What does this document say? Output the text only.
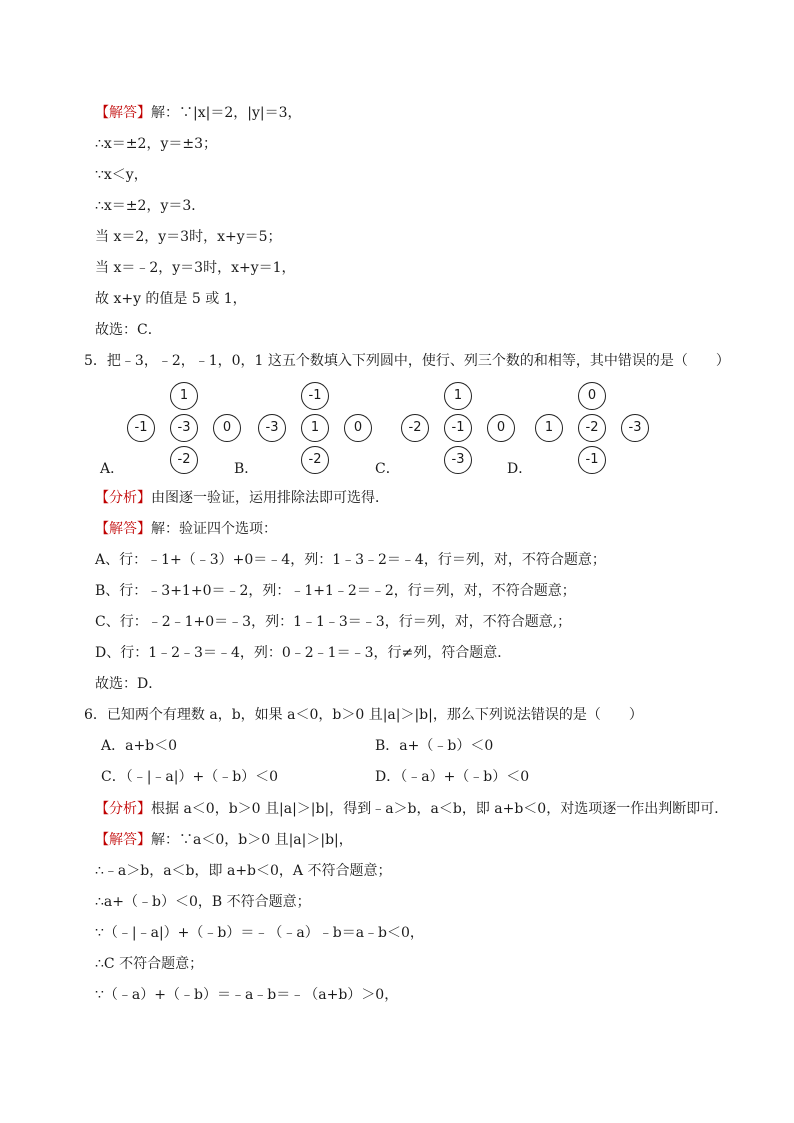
【解答】解：∵|x|＝2，|y|＝3，
∴x＝±2，y＝±3；
∵x＜y，
∴x＝±2，y＝3．
当 x＝2，y＝3时，x+y＝5；
当 x＝﹣2，y＝3时，x+y＝1，
故 x+y 的值是 5 或 1，
故选：C．
5．把﹣3，﹣2，﹣1，0，1 这五个数填入下列圆中，使行、列三个数的和相等，其中错误的是（　　）
A．
1
-1	0
-2
-3
B．
-1
-3	0
-2
1
C．
1
-2	0
-3
-1
D．
0
1	-3
-1
-2
【分析】由图逐一验证，运用排除法即可选得．
【解答】解：验证四个选项：
A、行：﹣1+（﹣3）+0＝﹣4，列：1﹣3﹣2＝﹣4，行＝列，对，不符合题意；
B、行：﹣3+1+0＝﹣2，列：﹣1+1﹣2＝﹣2，行＝列，对，不符合题意；
C、行：﹣2﹣1+0＝﹣3，列：1﹣1﹣3＝﹣3，行＝列，对，不符合题意,；
D、行：1﹣2﹣3＝﹣4，列：0﹣2﹣1＝﹣3，行≠列，符合题意．
故选：D．
6．已知两个有理数 a，b，如果 a＜0，b＞0 且|a|＞|b|，那么下列说法错误的是（　　）
A．a+b＜0	B．a+（﹣b）＜0
C．（﹣|﹣a|）+（﹣b）＜0	D．（﹣a）+（﹣b）＜0
【分析】根据 a＜0，b＞0 且|a|＞|b|，得到﹣a＞b，a＜b，即 a+b＜0，对选项逐一作出判断即可．
【解答】解：∵a＜0，b＞0 且|a|＞|b|，
∴﹣a＞b，a＜b，即 a+b＜0，A 不符合题意；
∴a+（﹣b）＜0，B 不符合题意；
∵（﹣|﹣a|）+（﹣b）＝﹣（﹣a）﹣b＝a﹣b＜0，
∴C 不符合题意；
∵（﹣a）+（﹣b）＝﹣a﹣b＝﹣（a+b）＞0，
